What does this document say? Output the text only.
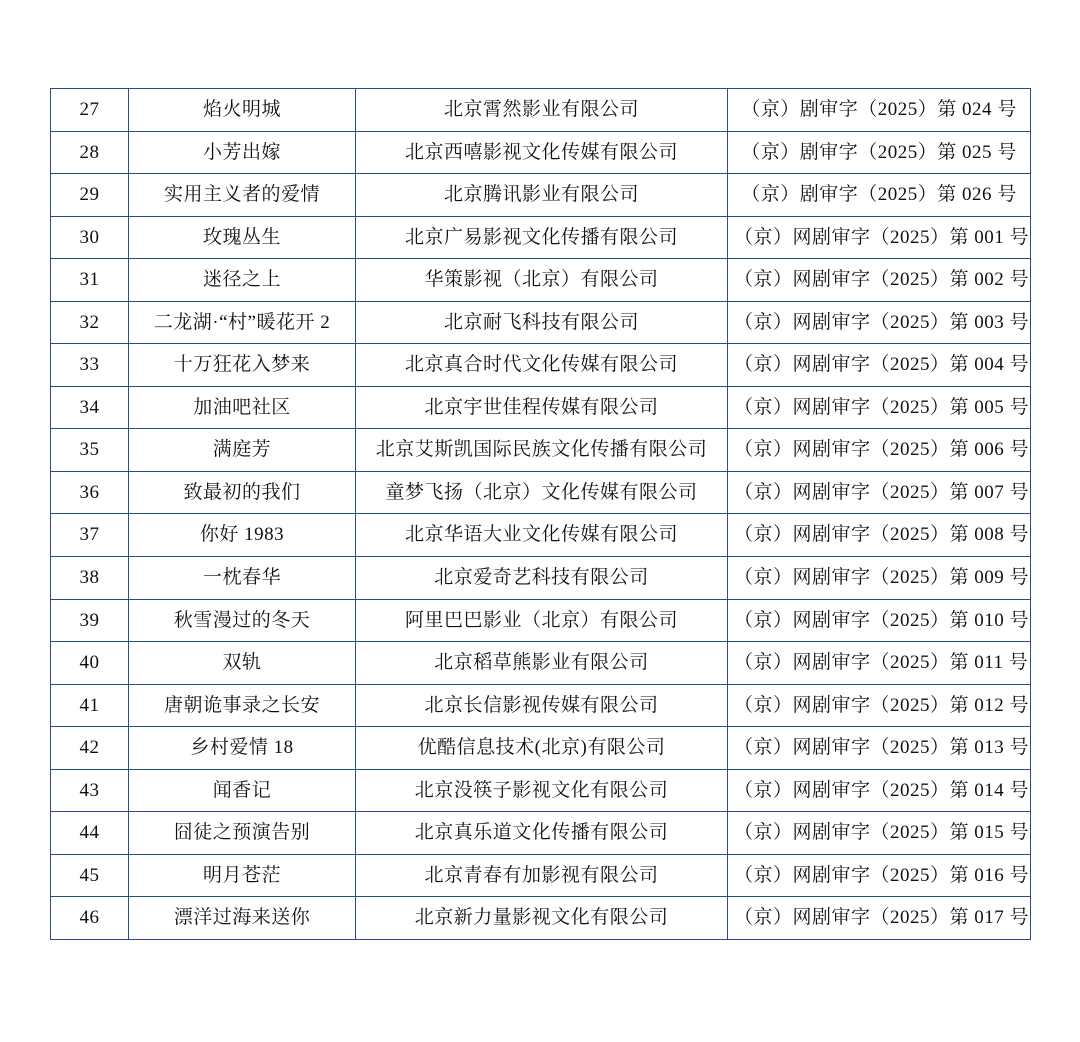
27	焰火明城	北京霄然影业有限公司	（京）剧审字（2025）第 024 号
28	小芳出嫁	北京西嘻影视文化传媒有限公司	（京）剧审字（2025）第 025 号
29	实用主义者的爱情	北京腾讯影业有限公司	（京）剧审字（2025）第 026 号
30	玫瑰丛生	北京广易影视文化传播有限公司	（京）网剧审字（2025）第 001 号
31	迷径之上	华策影视（北京）有限公司	（京）网剧审字（2025）第 002 号
32	二龙湖·“村”暖花开 2	北京耐飞科技有限公司	（京）网剧审字（2025）第 003 号
33	十万狂花入梦来	北京真合时代文化传媒有限公司	（京）网剧审字（2025）第 004 号
34	加油吧社区	北京宇世佳程传媒有限公司	（京）网剧审字（2025）第 005 号
35	满庭芳	北京艾斯凯国际民族文化传播有限公司	（京）网剧审字（2025）第 006 号
36	致最初的我们	童梦飞扬（北京）文化传媒有限公司	（京）网剧审字（2025）第 007 号
37	你好 1983	北京华语大业文化传媒有限公司	（京）网剧审字（2025）第 008 号
38	一枕春华	北京爱奇艺科技有限公司	（京）网剧审字（2025）第 009 号
39	秋雪漫过的冬天	阿里巴巴影业（北京）有限公司	（京）网剧审字（2025）第 010 号
40	双轨	北京稻草熊影业有限公司	（京）网剧审字（2025）第 011 号
41	唐朝诡事录之长安	北京长信影视传媒有限公司	（京）网剧审字（2025）第 012 号
42	乡村爱情 18	优酷信息技术(北京)有限公司	（京）网剧审字（2025）第 013 号
43	闻香记	北京没筷子影视文化有限公司	（京）网剧审字（2025）第 014 号
44	囧徒之预演告别	北京真乐道文化传播有限公司	（京）网剧审字（2025）第 015 号
45	明月苍茫	北京青春有加影视有限公司	（京）网剧审字（2025）第 016 号
46	漂洋过海来送你	北京新力量影视文化有限公司	（京）网剧审字（2025）第 017 号
